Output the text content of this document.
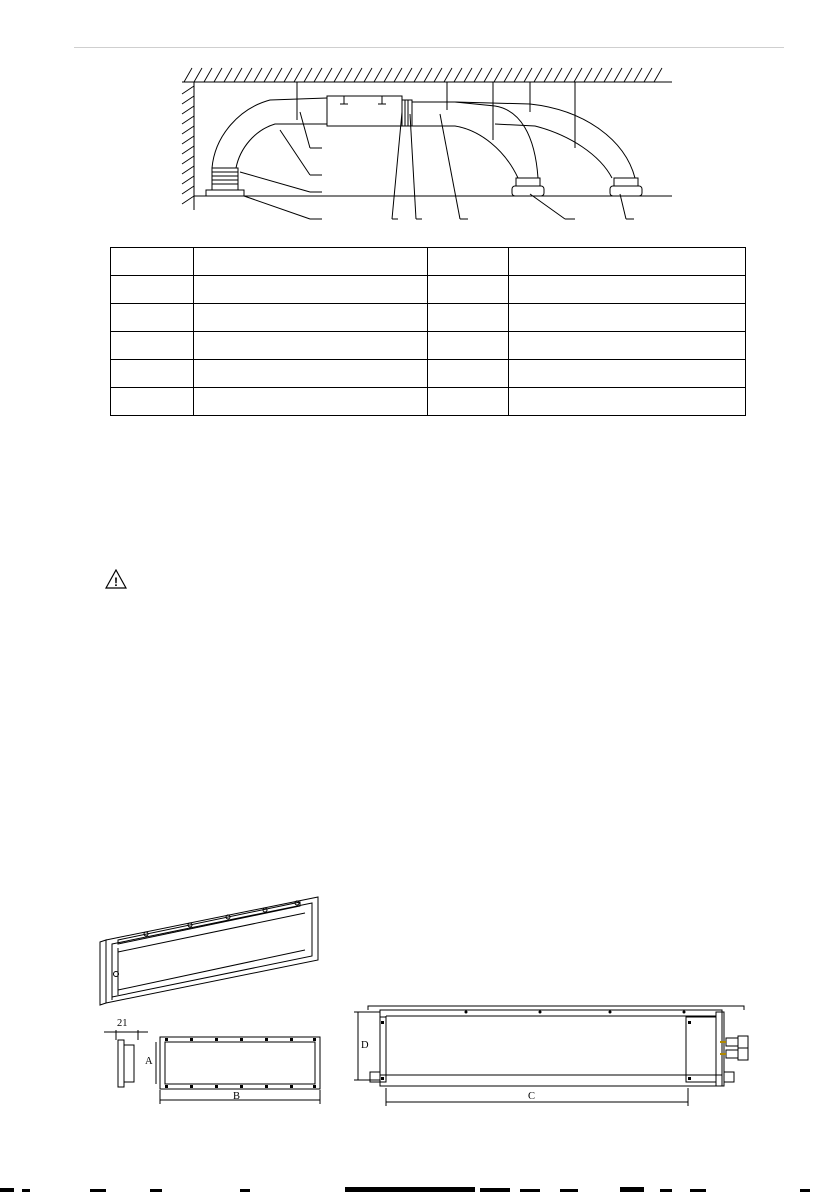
!
21
A
B
D
C
